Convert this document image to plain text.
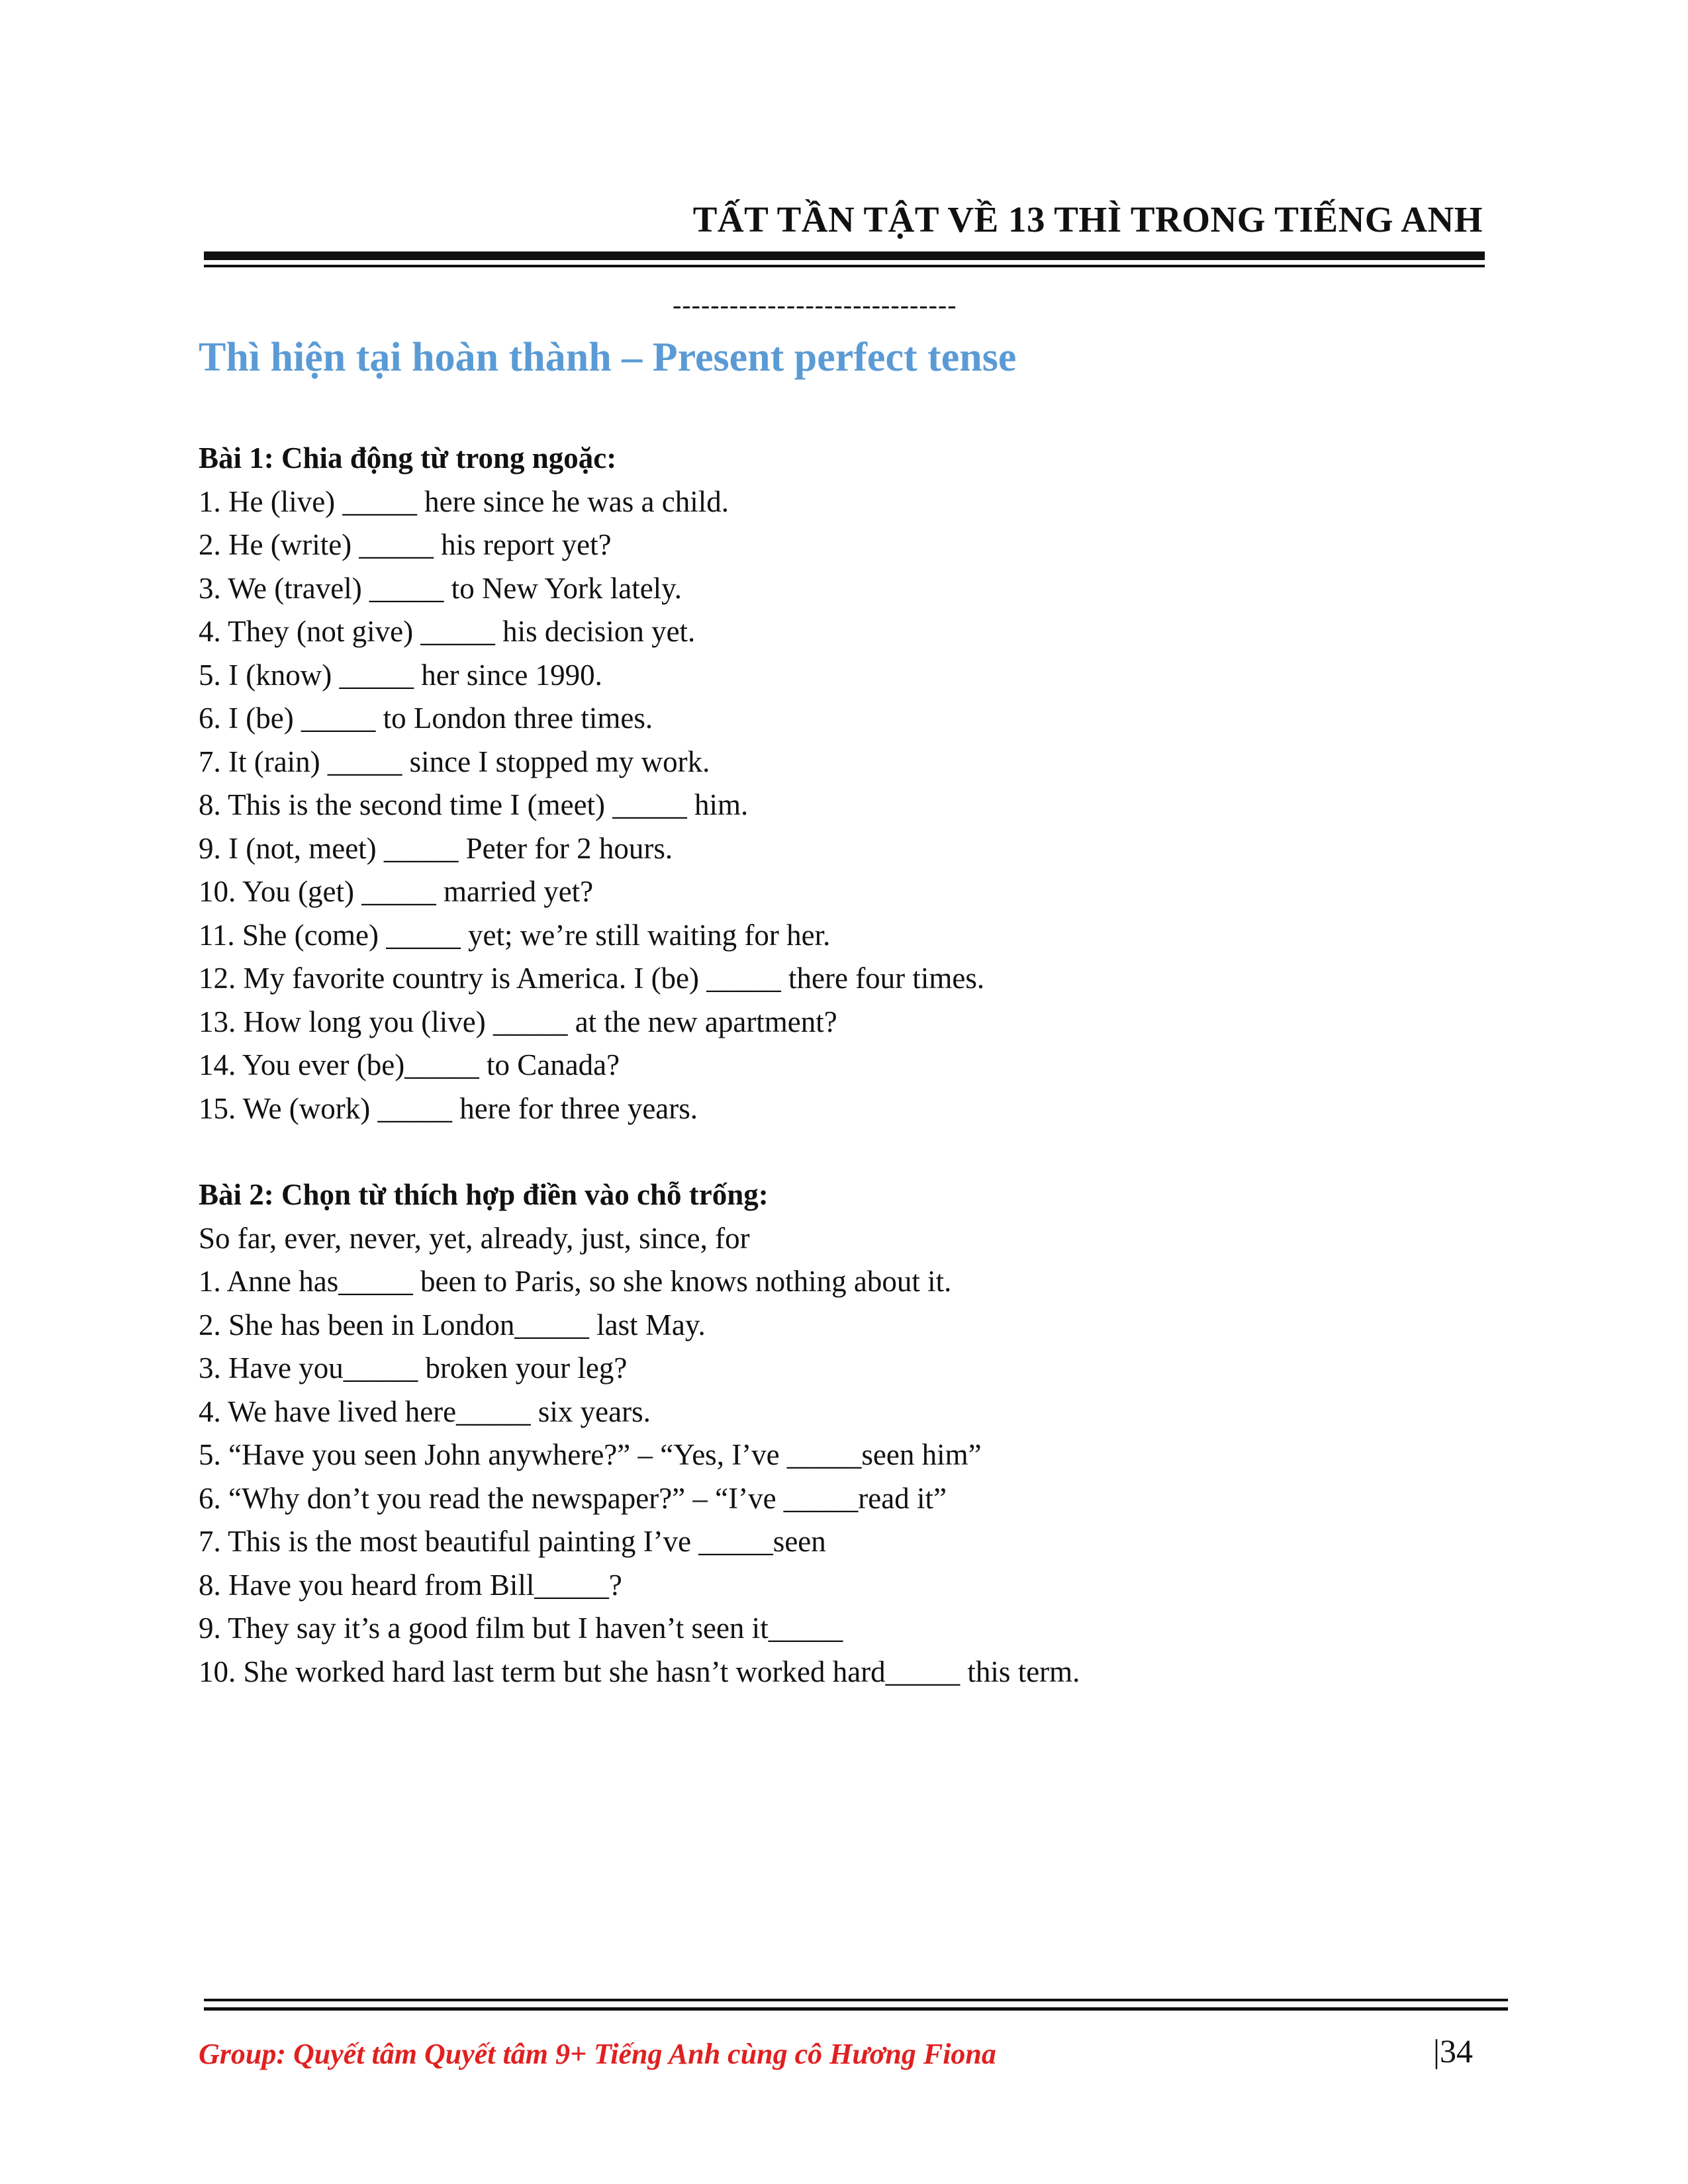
TẤT TẦN TẬT VỀ 13 THÌ TRONG TIẾNG ANH
------------------------------
Thì hiện tại hoàn thành – Present perfect tense
Bài 1: Chia động từ trong ngoặc:
1. He (live) _____ here since he was a child.
2. He (write) _____ his report yet?
3. We (travel) _____ to New York lately.
4. They (not give) _____ his decision yet.
5. I (know) _____ her since 1990.
6. I (be) _____ to London three times.
7. It (rain) _____ since I stopped my work.
8. This is the second time I (meet) _____ him.
9. I (not, meet) _____ Peter for 2 hours.
10. You (get) _____ married yet?
11. She (come) _____ yet; we’re still waiting for her.
12. My favorite country is America. I (be) _____ there four times.
13. How long you (live) _____ at the new apartment?
14. You ever (be)_____ to Canada?
15. We (work) _____ here for three years.
Bài 2: Chọn từ thích hợp điền vào chỗ trống:
So far, ever, never, yet, already, just, since, for
1. Anne has_____ been to Paris, so she knows nothing about it.
2. She has been in London_____ last May.
3. Have you_____ broken your leg?
4. We have lived here_____ six years.
5. “Have you seen John anywhere?” – “Yes, I’ve _____seen him”
6. “Why don’t you read the newspaper?” – “I’ve _____read it”
7. This is the most beautiful painting I’ve _____seen
8. Have you heard from Bill_____?
9. They say it’s a good film but I haven’t seen it_____
10. She worked hard last term but she hasn’t worked hard_____ this term.
Group: Quyết tâm Quyết tâm 9+ Tiếng Anh cùng cô Hương Fiona	|34
